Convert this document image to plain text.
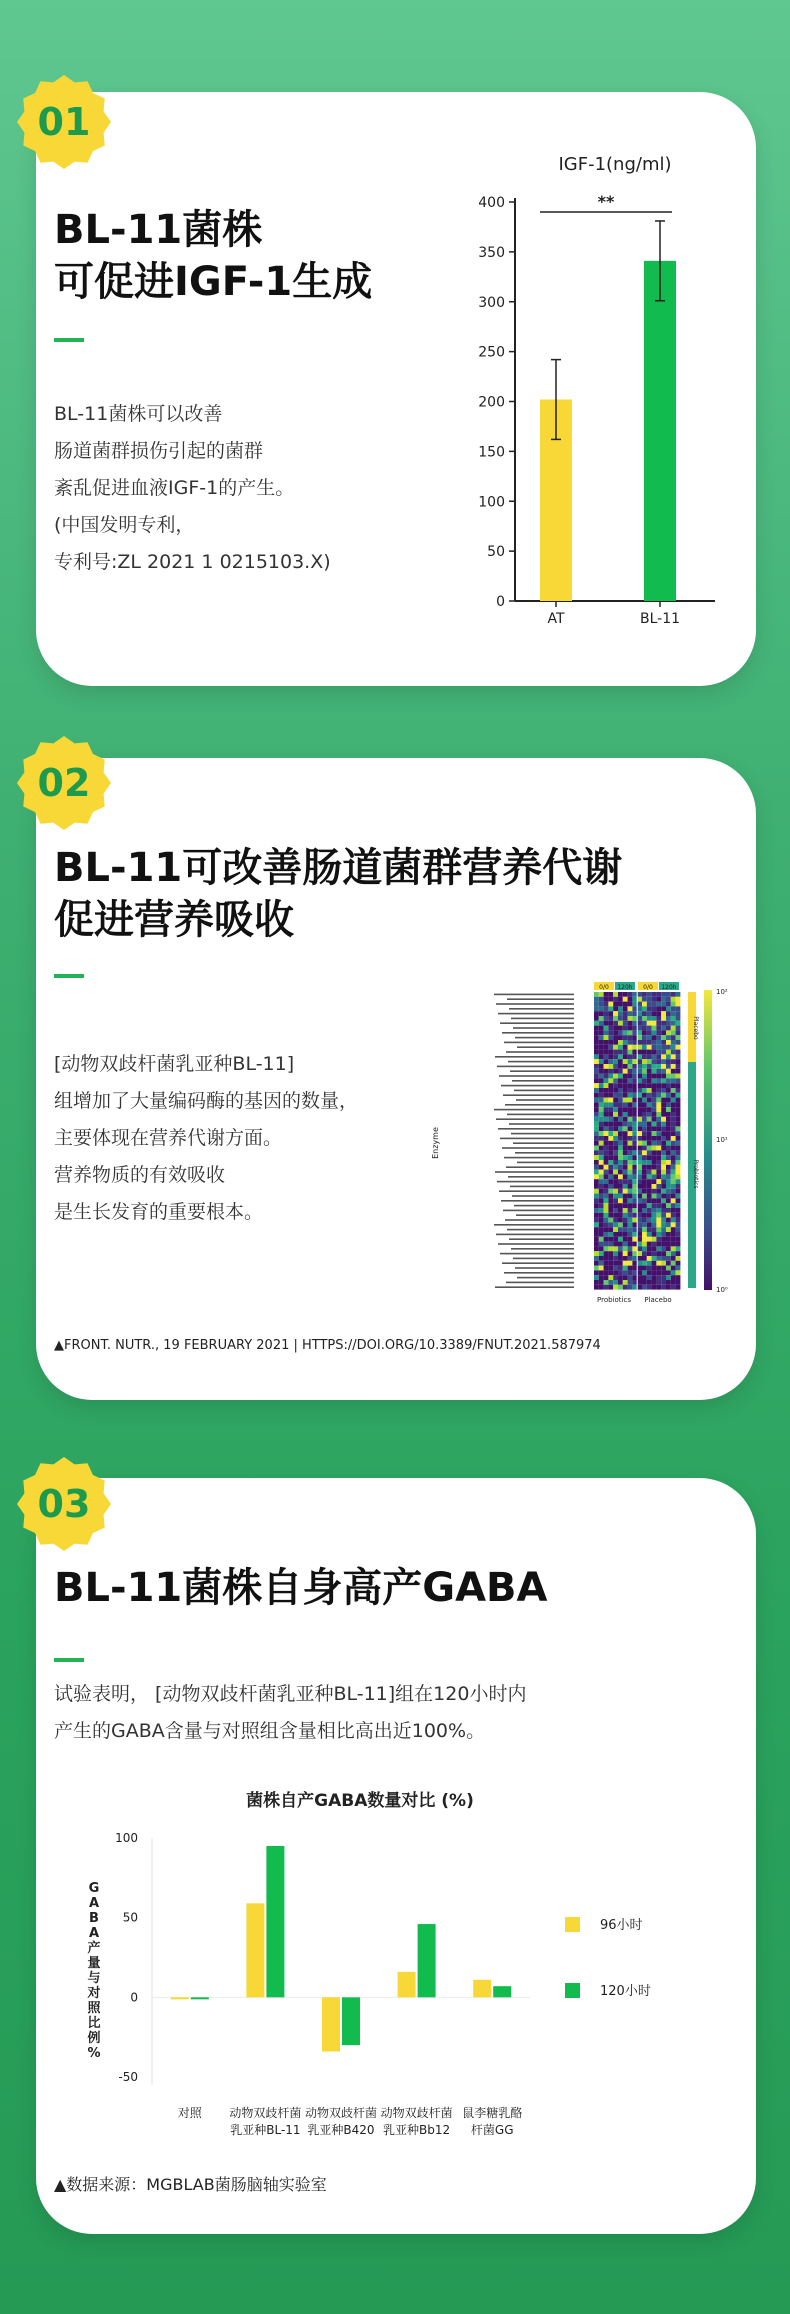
01
BL-11菌株
可促进IGF-1生成
BL-11菌株可以改善
肠道菌群损伤引起的菌群
紊乱促进血液IGF-1的产生。
(中国发明专利，
专利号:ZL 2021 1 0215103.X)
IGF-1(ng/ml)
0
50
100
150
200
250
300
350
400
AT	BL-11
**
02
BL-11可改善肠道菌群营养代谢
促进营养吸收
[动物双歧杆菌乳亚种BL-11]
组增加了大量编码酶的基因的数量，
主要体现在营养代谢方面。
营养物质的有效吸收
是生长发育的重要根本。
Enzyme
0/0 120h 0/0 120h
Placebo
Probiotics
10²
10¹
10⁰
Probiotics Placebo
▲FRONT. NUTR., 19 FEBRUARY 2021 | HTTPS://DOI.ORG/10.3389/FNUT.2021.587974
03
BL-11菌株自身高产GABA
试验表明， [动物双歧杆菌乳亚种BL-11]组在120小时内
产生的GABA含量与对照组含量相比高出近100%。
菌株自产GABA数量对比 (%)
G
A
B
A
产
量
与
对
照
比
例
%
100
50
0
-50
对照 动物双歧杆菌
乳亚种BL-11
动物双歧杆菌
乳亚种B420
动物双歧杆菌
乳亚种Bb12
鼠李糖乳酪
杆菌GG
96小时
120小时
▲数据来源：MGBLAB菌肠脑轴实验室
